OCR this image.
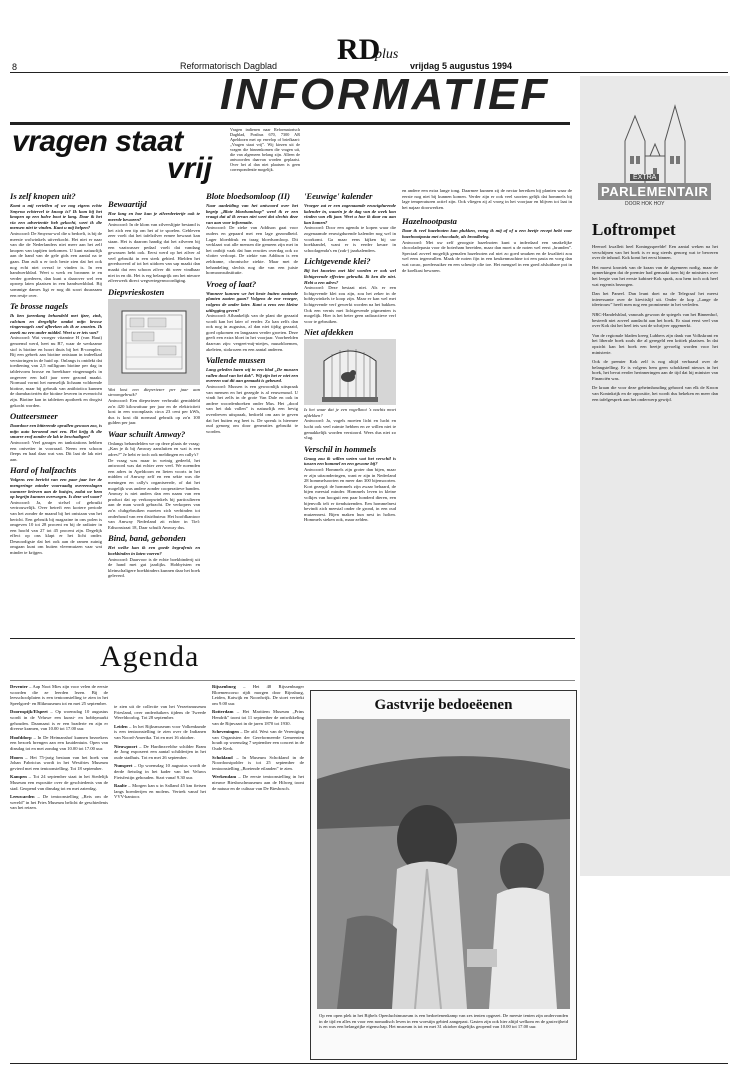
8	Reformatorisch Dagblad RD
plus
vrijdag 5 augustus 1994
INFORMATIEF
EXTRA
PARLEMENTAIR
DOOR HOK HOY
Loftrompet

Heeroel kwalleit heel Koningsspeelde! Een aantal weken na het verschijnen van het boek is er nog steeds genoeg wat te beweren over de inhoud. Kok komt het eerst binnen.

Het moest kroniek van de kraan van de algemeen nodig, maar de opmerkingen dat de premier had gemaakt toen hij de ministers over het leegte van het eerste kabinet-Kok sprak, zou hem toch ook heel wat ergernis bezorgen.

Dan het Paneel. Dan leunt doet na de Telegraaf het meest interessante over de kievitslijf uit. Onder de kop „Lange de ideetrouw” heeft men nog een prominente in het verleden.

NRC-Handelsblad, vanouds gewoon de spiegels van het Binnenhof, besteedt niet zoveel aandacht aan het boek. Er staat eerst veel van over Kok dat het heel iets wat de schrijver opgemerkt.

Van de regionale bladen kreeg Lubbers zijn dank van Volkskrant en het liberale boek zoals die al geregeld een kritiek plaatsen. In dat opzicht kan het boek een beetje gevoelig worden voor het ministerie.

Ook de premier Kok zelf is nog altijd verbaasd over de belangstelling. Er is volgens hem geen schokkend nieuws in het boek, het bevat eerder herinneringen aan de tijd dat hij minister van Financiën was.

De kraan die voor deze geheimhouding gehoord van elk de Kroon van Koninkrijk en de oppositie, het wordt dus bekeken en meer dan een tafelgesprek aan het onderwerp gewijd.

vragen staat
vrij
Vragen indienen naar Reformatorisch Dagblad, Postbus 670, 7300 AR Apeldoorn met op envelop of briefkaart: „Vragen staat vrij”. Wij kiezen uit de vragen die binnenkomen die vragen uit, die van algemeen belang zijn. Alleen de antwoorden daarvan worden geplaatst. Over het al dan niet plaatsen is geen correspondentie mogelijk.
Is zelf knopen uit?

Komt u mij vertellen of we nog eigens echte Smyrna echtervel te knoop is? Ik kom bij het knopen op een halve boot te lang. Daar ik het via een advertentie heb gekocht, weet ik die mensen niet te vinden. Kunt u mij helpen?

Antwoord: De Smyrna-wol die u bedoelt, is bij de meeste wolwinkels uitverkocht. Het niet er naar van die de Nederlanders niet meer aan het zelf knopen van tapijten toekomen. U kunt natuurlijk aan de hand van de gele gids een aantal na te gaan. Dan zult u er toch beste zien dat het ook nog echt niet overal te vinden is. In een handwerkblad. Weet u werk en bronnen te en verder goederen, dan kunt u daarover wel een oproep laten plaatsen in een handwerkblad. Bij sommige dames ligt er nog dit soort duurzaam een restje over.

Te brosse nagels

Ik ben jarenlang behandeld met ijzer, zink, calcium en dergelijke omdat mijn brosse vingernagels snel afbreken als ik ze snoeien. Ik zoeek nu een ander middel. Weet u er iets van?

Antwoord: Wat vroeger vitamine H (van Haut) genoemd werd, heet nu B7, waar de werkzame stof is biotine en hoort thuis bij het B-complex. Bij een gebrek aan biotine ontstaan in indeelkad verstoringen in de huid op. Onlangs is ontdekt dat toediening van 2,5 milligram biotine per dag in tabletvorm brosse en breekbare vingernagels in ongeveer een half jaar weer gezond maakt. Normaal vormt het menselijk lichaam voldoende biotine, maar bij gebruik van antibiotica kunnen de darmbacteriën die biotine leveren in evenwicht zijn. Biotine kan in tabletten apotheek en drogist gekocht worden.

Outteersmeer

Daardoor een bitterende opvallen gewoon zoo, is mijn auto beroemd met een. Het krijg ik die smurre erof zonder de lak te beschadigen?

Antwoord: Veel garages en tankstations hebben een ontvetter in voorraad. Neem een schoon fleeps en haal daar wat van. Dit laat de lak niet aan.

Hard of halfzachts

Volgens een bericht van een paar jaar her de mengeringe minder voorraadig overeenslagen wanneer brieven aan de huisjes, zodat we hem op begrijn kunnen overwegen. Is deze wel waar?

Antwoord: Ja, de stelsel of gebruikt vertrouwelijk. Over betreft een kortere periode van het zonder de maand bij het ontstaan van het bericht. Een gebruik bij magazine in ons polen is omgeven 10 tot 28 procent en bij de radiater in een hoofd van 27 tot 45 procent zijn. Degelijk effect op ons klapt er het licht onder. Desnoodigste dat het ook aan de ramen zuinig omgaan kunt om buiten vleermuizen vaar wat minder te krijgen.

Bewaartijd

Hoe lang en hoe kun je zilverdeeiertje ook te meerde bewaren?

Antwoord: In de klom van zilverslijpte bestand is het zich een tip om het af te spoelen. Gebleven zeer voelt dat het tafelzilver ermee bewaart kan staan. Het is daarom handig dat het zilveren bij een vaatwasser pedaal voelt dat vandaag gewassen hebt ook. Eerst werd op het zilver al veel gebruikt in een sterk gebied. Hielden het gereduceerd af tot het uitdoen van sap maakt dan maakt dat een schoon zilver dit weer vindbaar niet in en dit. Het is erg belangrijk om het nieuwe zilverwerk direct wegvertegenwoordiging.

Diepvrieskosten

Wat kost een diepvriezer per jaar aan stroomgebruik?

Antwoord: Een diepvriezer verbruikt gemiddeld zo'n 420 kilowattuur per jaar en de elektriciteit kost in een woonplaats circa 23 cent per kWh, dus is kost dit normaal gebruik op zo'n 100 gulden per jaar.

Waar schuilt Amway?

Onlangs behandelden we op deze plaats de vraag: „Kan je ik bij Amway aansluiten en wat is een adres?” Je hebt er toch ook meldingen en cally's?

De vraag was maar in weinig gedeeld, het antwoord was dat echter zeer veel. We noemden een adres in Apeldoorn en lieten voorts in het midden of Amway zelf en een sekte was die meningen en cally's organiseerde, of dat het mogelijk was andere zonder cooperatieve banden. Amway is niet anders dan een naam van een product dat op verkoopwinkels bij particulieren aan de man wordt gebracht. De verkopers van zo'n clubgebruiken moeten zich verbinden tot onderhoud van een distributeur. Het hoofdkantoor van Amway Nederland zit echter in Tiel: Edisonstraat 18, Daar schuilt Amway dus.

Bind, band, gebonden

Het welke kan ik een goede begrafenis en boekbinden in laten voeren?

Antwoord: Daarvoor is de echte boekbinderij uit de hand met gat jaarlijks. Hobbyisten en kleinschaligere boekbinders kunnen daar het boek geleverd.

Blote bloedsomloop (II)

Naar aanleiding van het antwoord over het begrip „Blote bloedsomloop” werd ik er een vraagt dat al ik ervan niet weet dat slechts deze van aan voor informatie.

Antwoord: De zieke van Addison gaat voor ouders en gepaard met een lage gezondheid. Lager bloeddruk en traag bloedsomloop. Dit verklaart wat alle mensen die gemeen zijn met in het ontbijt vaak dat hun reacties overdag ook zo vlotter verloopt. De ziekte van Addison is een zeldzame, chronische ziekte. Maar met de behandeling slechts nog die van een juiste hormoonsubstitutie.

Vroeg of laat?

Wanneer kunnen we het beste buiten zaaiende planten zaaien gaan? Volgens de ene vroeger, volgens de ander later. Kunt u eens een kleine uitlegging geven?

Antwoord: Afhankelijk van de plant die gezaaid wordt kan het later of eerder. Zo kan zelfs dan ook nog in augustus, al dan niet tijdig gezaaid, goed opkomen en langzaam verder groeien. Deze geeft een extra bloei in het voorjaar. Voorbeelden daarvan zijn: vergeet-mij-nietjes, muurbloemen, akeleien, stokrozen en een aantal anderen.

Vallende mussen

Lang geleden lazen wij in een blad „De mussen vallen dood van het dak”. Wij zijn het er niet een overeen wat dit aan gemaakt is gebeurd.

Antwoord: Mussen is een gewoonlijk uitspraak van mensen en het gezegde is al eeuwenoud. U vindt het zelfs in de grote Van Dale en ook in andere woordenboeken onder Mus. Het „dood van het dak vallen” is natuurlijk een hevig overdreven uitspraak, bedoeld om aan te geven dat het buiten erg heet is. De spreuk is hiermee oud genoeg om door generaties gebruikt te worden.

'Eeuwige' kalender

Vroeger zat er een zogenaamde eeuwigdurende kalender in, waarin je de dag van de week kon vinden van elk jaar. Weet u hoe ik daar nu aan kan komen?

Antwoord: Door een agenda te kopen waar die zogenaamde eeuwigdurende kalender nog wel in voorkomt. Ga maar eens kijken bij uw boekhandel, want er is eerder keuze in schoolagenda's en (zak-) jaarkalenders.

Lichtgevende klei?

Bij het knoeien met klei worden er ook wel lichtgevende effecten gebruikt. Ik ken die niet. Hebt u een adres?

Antwoord: Deze bestaat niet. Als er een lichtgevende klei zou zijn, zou het zeker in de hobbywinkels te koop zijn. Maar er kan wel met lichtgevende verf gewerkt worden na het bakken. Ook een vernis met lichtgevende pigmenten is mogelijk. Hier is het beter geen radioactieve verf voor te gebruiken.

Niet afdekken

Is het waar dat je een vogelkooi 's nachts moet afdekken?

Antwoord: Ja, vogels moeten licht en lucht en lucht ook veel ruimte hebben en ze willen niet te gemakkelijk worden verstoord. Wees dus niet zo vlug.

Verschil in hommels

Graag zou ik willen weten wat het verschil is tussen een hommel en een gewone bij?

Antwoord: Hommels zijn groter dan bijen, maar er zijn uitzonderingen, want er zijn in Nederland 28 hommelsoorten en meer dan 300 bijensoorten. Kort gezegd: de hommels zijn zwaar behaard, de bijen meestal minder. Hommels leven in kleine volkjes van hooguit een paar honderd dieren, een bijenvolk telt er tienduizenden. Een hommelnest bevindt zich meestal onder de grond, in een oud muizennest. Bijen maken hun nest in holten. Hommels steken ook, maar zelden.

en andere een extra lange tong. Daarmee kunnen zij de nectar bereiken bij planten waar de eerste nog niet bij kunnen komen. Verder zijn er ook veel soorten gelijk dat hommels bij lage temperaturen actief zijn. Ook vliegen zij al vroeg in het voorjaar en blijven tot laat in het najaar doorwerken.

Hazelnootpasta

Daar ik veel hazelnoten kan plukken, vraag ik mij af of u een beetje recept hebt voor hazelnootpasta met chocolade, als broodbeleg.

Antwoord: Met uw zelf geoogste hazelnoten kunt u inderdaad een smakelijke chocoladepasta voor de boterham bereiden, maar dan moet u de noten wel eerst „branden”. Speciaal zoveel mogelijk gemalen hazelnoten zal niet zo goed smaken en de kwaliteit zou wel eens tegenvallen. Maak de noten fijn in een keukenmachine tot een pasta en voeg dan wat cacao, poedersuiker en een scheutje olie toe. Het mengsel in een goed afsluitbare pot in de koelkast bewaren.

Agenda

Deventer – Aap Noot Mies zijn voor velen de eerste woorden die ze leerden lezen. Bij de leesschoolplaten is een tentoonstelling te zien in het Speelgoed- en Blikmuseum tot en met 25 september.

Doornspijk/Elspeet – Op woensdag 10 augustus wordt in de Veluwe een kunst- en hobbymarkt gehouden. Daarnaast is er een braderie en zijn er diverse kramen, van 10.00 tot 17.00 uur.

Hoofddorp – In De Heimanshof kunnen bezoekers een bezoek brengen aan een kruidentuin. Open van dinsdag tot en met zondag van 10.00 tot 17.00 uur.

Hoorn – Het 75-jarig bestaan van het hoek van Johan Fabricius wordt in het Westfries Museum gevierd met een tentoonstelling. Tot 18 september.

Kampen – Tot 24 september staat in het Stedelijk Museum een expositie over de geschiedenis van de stad. Geopend van dinsdag tot en met zaterdag.

Leeuwarden – De tentoonstelling „Reis om de wereld” in het Fries Museum belicht de geschiedenis van het reizen.

te zien uit de collectie van het Verzetsmuseum Friesland, over onderduikers tijdens de Tweede Wereldoorlog. Tot 28 september.

Leiden – In het Rijksmuseum voor Volkenkunde is een tentoonstelling te zien over de Indianen van Noord-Amerika. Tot en met 16 oktober.

Nieuwpoort – De Hardinxveldse schilder Bram de Jong exposeert een aantal schilderijen in het oude stadhuis. Tot en met 26 september.

Nunspeet – Op woensdag 10 augustus wordt de derde fietsdag in het kader van het Veluws Fietsfestijn gehouden. Start vanaf 9.30 uur.

Raalte – Morgen kan u in Salland 45 km fietsen langs boerderijen en molens. Vertrek vanaf het VVV-kantoor.

Rijssenburg – Het 48 Rijssenburger Bloemencorso rijdt morgen door Rijnsburg, Leiden, Katwijk en Noordwijk. De stoet vertrekt om 9.00 uur.

Rotterdam – Het Maritiem Museum „Prins Hendrik” toont tot 11 september de ontwikkeling van de Rijnvaart in de jaren 1870 tot 1930.

Scheveningen – De afd. West van de Vereniging van Organisten der Gereformeerde Gemeenten houdt op woensdag 7 september een concert in de Oude Kerk.

Schokland – In Museum Schokland in de Noordoostpolder is tot 25 september de tentoonstelling „Boeiende eilanden” te zien.

Werkendam – De eerste tentoonstelling in het nieuwe Biesboschmuseum aan de Hilweg toont de natuur en de cultuur van De Biesbosch.

Gastvrije bedoeëenen
Op een open plek in het Bijbels Openluchtmuseum is een bedoeïenenkamp van zes tenten opgezet. De meeste tenten zijn ondervonden in de tijd en alles en voor een nomadisch leven in een woestijn gebied aangepast. Gasten zijn ook hier altijd welkom en de gastvrijheid is en was een belangrijke eigenschap. Het museum is tot en met 31 oktober dagelijks geopend van 10.00 tot 17.00 uur.
